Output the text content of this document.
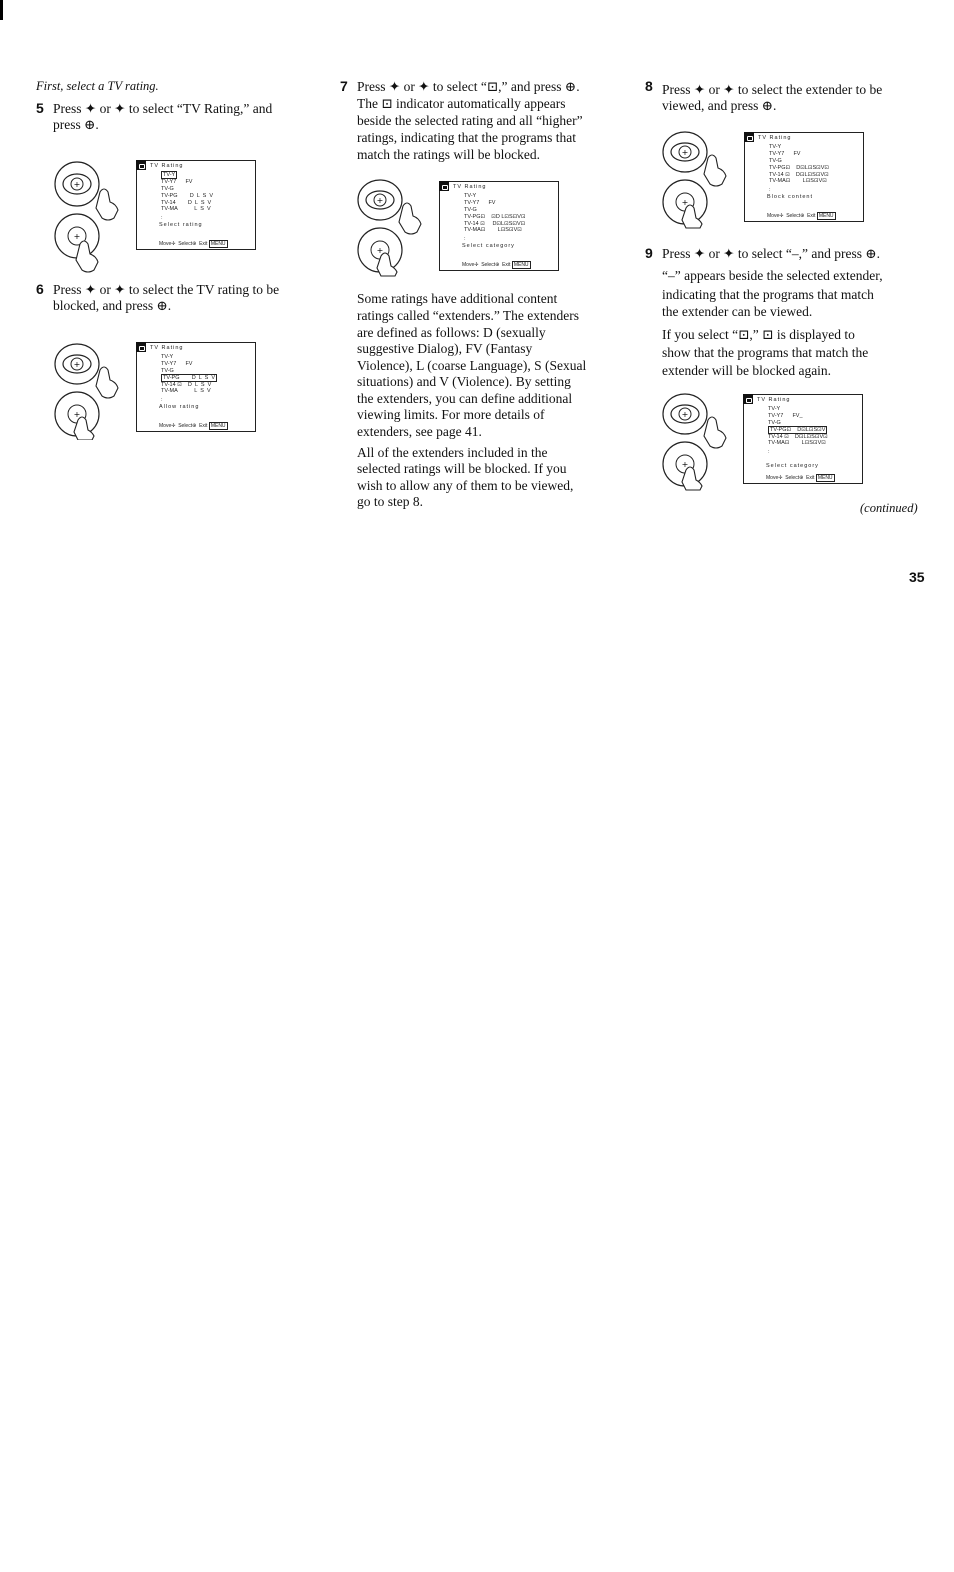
First, select a TV rating.
5 Press ✦ or ✦ to select “TV Rating,” and
press ⊕.
+
+
TV Rating
TV-Y
TV-Y7      FV
TV-G
TV-PG        D  L  S  V
TV-14        D  L  S  V
TV-MA           L  S  V
:
Select rating
Move✢  Select⊕  Exit MENU
6 Press ✦ or ✦ to select the TV rating to be
blocked, and press ⊕.
+
+
TV Rating
TV-Y
TV-Y7      FV
TV-G
TV-PG        D  L  S  V
TV-14 ⊡    D  L  S  V
TV-MA           L  S  V
:
Allow rating
Move✢  Select⊕  Exit MENU
7 Press ✦ or ✦ to select “⊡,” and press ⊕.
The ⊡ indicator automatically appears
beside the selected rating and all “higher”
ratings, indicating that the programs that
match the ratings will be blocked.
+
+
TV Rating
TV-Y
TV-Y7      FV
TV-G
TV-PG⊡    ⊡D L⊡S⊡V⊡
TV-14 ⊡     D⊡L⊡S⊡V⊡
TV-MA⊡        L⊡S⊡V⊡
:
Select category
Move✢  Select⊕  Exit MENU
Some ratings have additional content
ratings called “extenders.” The extenders
are defined as follows: D (sexually
suggestive Dialog), FV (Fantasy
Violence), L (coarse Language), S (Sexual
situations) and V (Violence). By setting
the extenders, you can define additional
viewing limits. For more details of
extenders, see page 41.
All of the extenders included in the
selected ratings will be blocked. If you
wish to allow any of them to be viewed,
go to step 8.
8 Press ✦ or ✦ to select the extender to be
viewed, and press ⊕.
+
+
TV Rating
TV-Y
TV-Y7      FV
TV-G
TV-PG⊡    D⊡L⊡S⊡V⊡
TV-14 ⊡    D⊡L⊡S⊡V⊡
TV-MA⊡        L⊡S⊡V⊡
:
Block content
Move✢  Select⊕  Exit MENU
9 Press ✦ or ✦ to select “–,” and press ⊕.
“–” appears beside the selected extender,
indicating that the programs that match
the extender can be viewed.
If you select “⊡,” ⊡ is displayed to
show that the programs that match the
extender will be blocked again.
+
+
TV Rating
TV-Y
TV-Y7      FV_
TV-G
TV-PG⊡    D⊡L⊡S⊡V
TV-14 ⊡    D⊡L⊡S⊡V⊡
TV-MA⊡        L⊡S⊡V⊡
:
Select category
Move✢  Select⊕  Exit MENU
(continued)
35
